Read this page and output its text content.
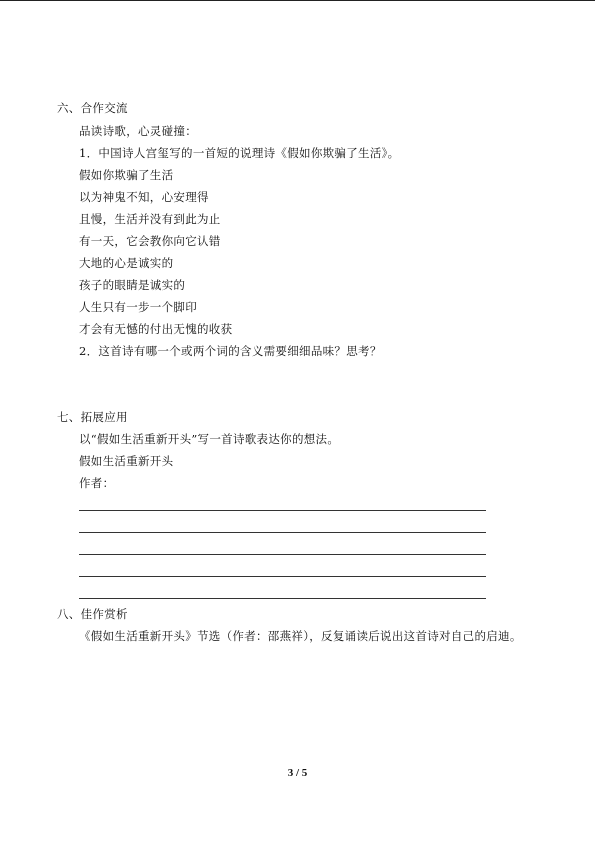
六、合作交流
品读诗歌，心灵碰撞：
1．中国诗人宫玺写的一首短的说理诗《假如你欺骗了生活》。
假如你欺骗了生活
以为神鬼不知，心安理得
且慢，生活并没有到此为止
有一天，它会教你向它认错
大地的心是诚实的
孩子的眼睛是诚实的
人生只有一步一个脚印
才会有无憾的付出无愧的收获
2．这首诗有哪一个或两个词的含义需要细细品味？思考？
七、拓展应用
以“假如生活重新开头”写一首诗歌表达你的想法。
假如生活重新开头
作者：
八、佳作赏析
《假如生活重新开头》节选（作者：邵燕祥），反复诵读后说出这首诗对自己的启迪。
3 / 5
